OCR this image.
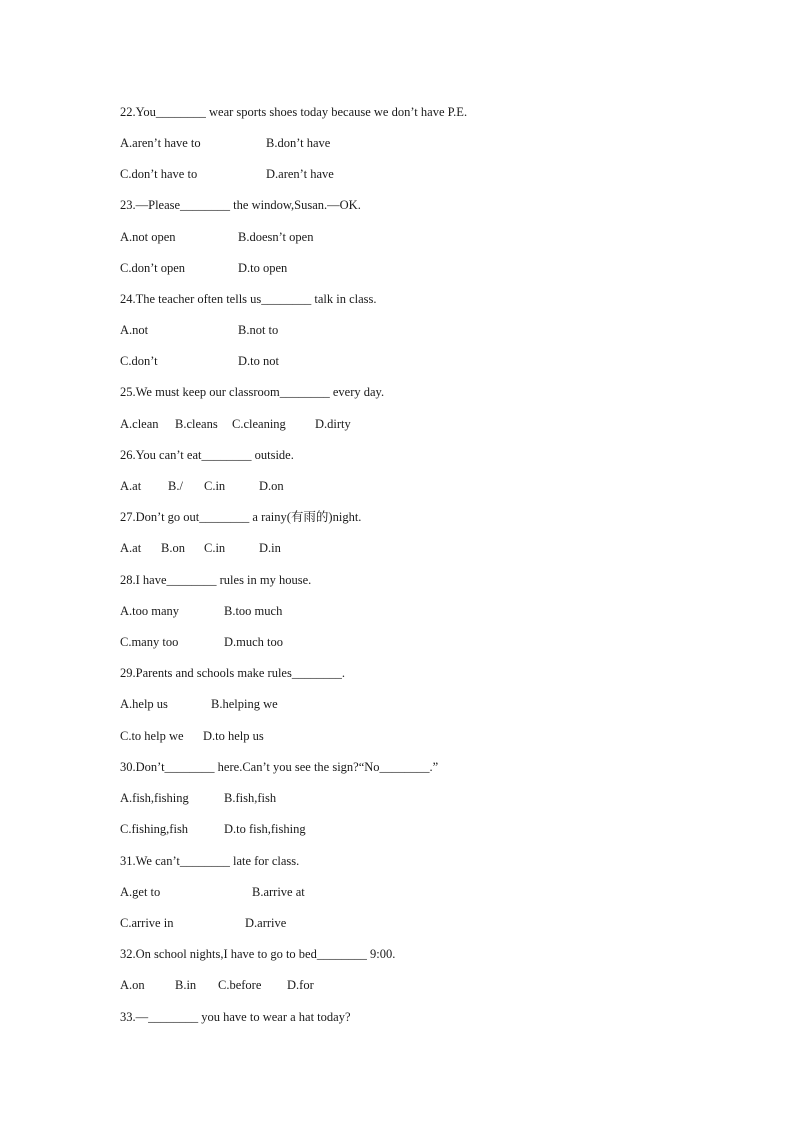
22.You________ wear sports shoes today because we don’t have P.E.
A.aren’t have to	B.don’t have
C.don’t have to	D.aren’t have
23.—Please________ the window,Susan.—OK.
A.not open	B.doesn’t open
C.don’t open	D.to open
24.The teacher often tells us________ talk in class.
A.not	B.not to
C.don’t	D.to not
25.We must keep our classroom________ every day.
A.clean B.cleans C.cleaning D.dirty
26.You can’t eat________ outside.
A.at B./ C.in	D.on
27.Don’t go out________ a rainy(有雨的)night.
A.at B.on C.in	D.in
28.I have________ rules in my house.
A.too many	B.too much
C.many too	D.much too
29.Parents and schools make rules________.
A.help us	B.helping we
C.to help we D.to help us
30.Don’t________ here.Can’t you see the sign?“No________.”
A.fish,fishing	B.fish,fish
C.fishing,fish	D.to fish,fishing
31.We can’t________ late for class.
A.get to	B.arrive at
C.arrive in	D.arrive
32.On school nights,I have to go to bed________ 9:00.
A.on B.in C.before D.for
33.—________ you have to wear a hat today?
